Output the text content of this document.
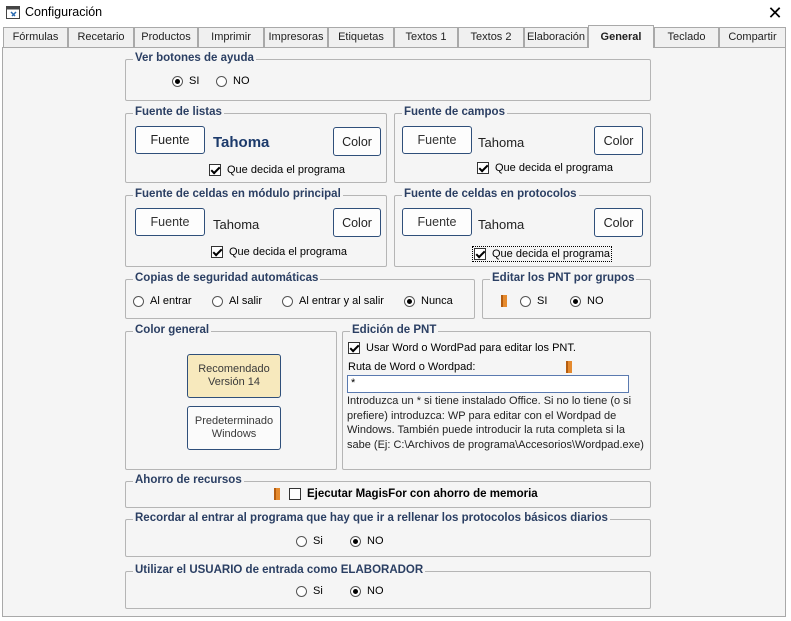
Configuración	✕
Fórmulas	Recetario	Productos	Imprimir	Impresoras	Etiquetas	Textos 1	Textos 2	Elaboración	General	Teclado	Compartir
Ver botones de ayuda
SI	NO
Fuente de listas
Fuente	Tahoma	Color
Que decida el programa
Fuente de campos
Fuente	Tahoma	Color
Que decida el programa
Fuente de celdas en módulo principal
Fuente	Tahoma	Color
Que decida el programa
Fuente de celdas en protocolos
Fuente	Tahoma	Color
Que decida el programa
Copias de seguridad automáticas
Al entrar	Al salir	Al entrar y al salir	Nunca
Editar los PNT por grupos
SI	NO
Color general
Recomendado Versión 14
Predeterminado Windows
Edición de PNT
Usar Word o WordPad para editar los PNT.
Ruta de Word o Wordpad:
*
Introduzca un * si tiene instalado Office. Si no lo tiene (o si prefiere) introduzca: WP para editar con el Wordpad de Windows. También puede introducir la ruta completa si la sabe (Ej: C:\Archivos de programa\Accesorios\Wordpad.exe)
Ahorro de recursos
Ejecutar MagisFor con ahorro de memoria
Recordar al entrar al programa que hay que ir a rellenar los protocolos básicos diarios
Si	NO
Utilizar el USUARIO de entrada como ELABORADOR
Si	NO
